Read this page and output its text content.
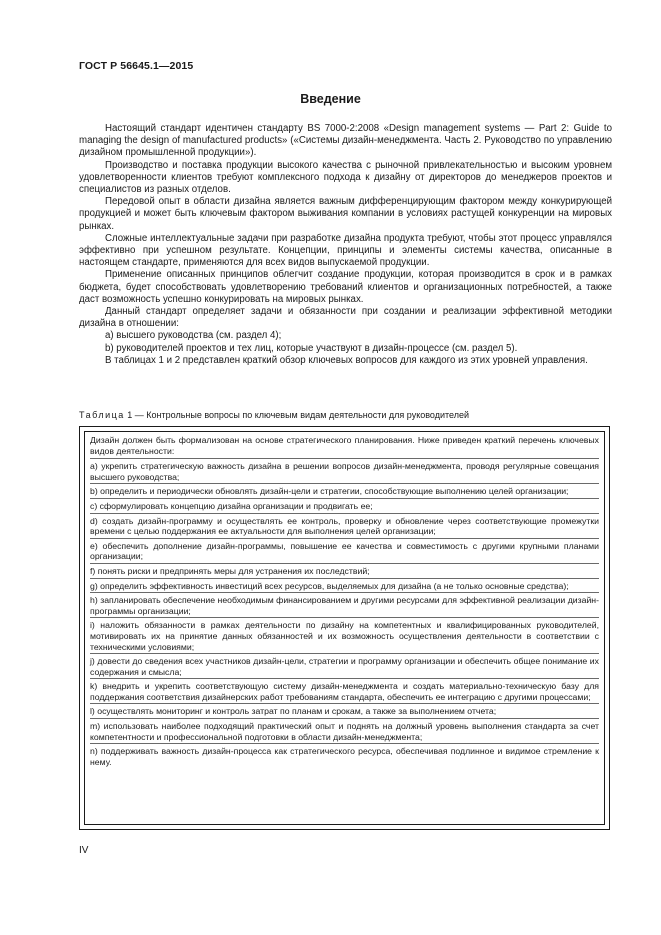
ГОСТ Р 56645.1—2015
Введение

Настоящий стандарт идентичен стандарту BS 7000-2:2008 «Design management systems — Part 2: Guide to managing the design of manufactured products» («Системы дизайн-менеджмента. Часть 2. Руководство по управлению дизайном промышленной продукции»).

Производство и поставка продукции высокого качества с рыночной привлекательностью и высоким уровнем удовлетворенности клиентов требуют комплексного подхода к дизайну от директоров до менеджеров проектов и специалистов из разных отделов.

Передовой опыт в области дизайна является важным дифференцирующим фактором между конкурирующей продукцией и может быть ключевым фактором выживания компании в условиях растущей конкуренции на мировых рынках.

Сложные интеллектуальные задачи при разработке дизайна продукта требуют, чтобы этот процесс управлялся эффективно при успешном результате. Концепции, принципы и элементы системы качества, описанные в настоящем стандарте, применяются для всех видов выпускаемой продукции.

Применение описанных принципов облегчит создание продукции, которая производится в срок и в рамках бюджета, будет способствовать удовлетворению требований клиентов и организационных потребностей, а также даст возможность успешно конкурировать на мировых рынках.

Данный стандарт определяет задачи и обязанности при создании и реализации эффективной методики дизайна в отношении:

а) высшего руководства (см. раздел 4);

b) руководителей проектов и тех лиц, которые участвуют в дизайн-процессе (см. раздел 5).

В таблицах 1 и 2 представлен краткий обзор ключевых вопросов для каждого из этих уровней управления.

Таблица 1 — Контрольные вопросы по ключевым видам деятельности для руководителей
Дизайн должен быть формализован на основе стратегического планирования. Ниже приведен краткий перечень ключевых видов деятельности:
a) укрепить стратегическую важность дизайна в решении вопросов дизайн-менеджмента, проводя регулярные совещания высшего руководства;
b) определить и периодически обновлять дизайн-цели и стратегии, способствующие выполнению целей организации;
c) сформулировать концепцию дизайна организации и продвигать ее;
d) создать дизайн-программу и осуществлять ее контроль, проверку и обновление через соответствующие промежутки времени с целью поддержания ее актуальности для выполнения целей организации;
e) обеспечить дополнение дизайн-программы, повышение ее качества и совместимость с другими крупными планами организации;
f) понять риски и предпринять меры для устранения их последствий;
g) определить эффективность инвестиций всех ресурсов, выделяемых для дизайна (а не только основные средства);
h) запланировать обеспечение необходимым финансированием и другими ресурсами для эффективной реализации дизайн-программы организации;
i) наложить обязанности в рамках деятельности по дизайну на компетентных и квалифицированных руководителей, мотивировать их на принятие данных обязанностей и их возможность осуществления деятельности в соответствии с техническими условиями;
j) довести до сведения всех участников дизайн-цели, стратегии и программу организации и обеспечить общее понимание их содержания и смысла;
k) внедрить и укрепить соответствующую систему дизайн-менеджмента и создать материально-техническую базу для поддержания соответствия дизайнерских работ требованиям стандарта, обеспечить ее интеграцию с другими процессами;
l) осуществлять мониторинг и контроль затрат по планам и срокам, а также за выполнением отчета;
m) использовать наиболее подходящий практический опыт и поднять на должный уровень выполнения стандарта за счет компетентности и профессиональной подготовки в области дизайн-менеджмента;
n) поддерживать важность дизайн-процесса как стратегического ресурса, обеспечивая подлинное и видимое стремление к нему.
IV
